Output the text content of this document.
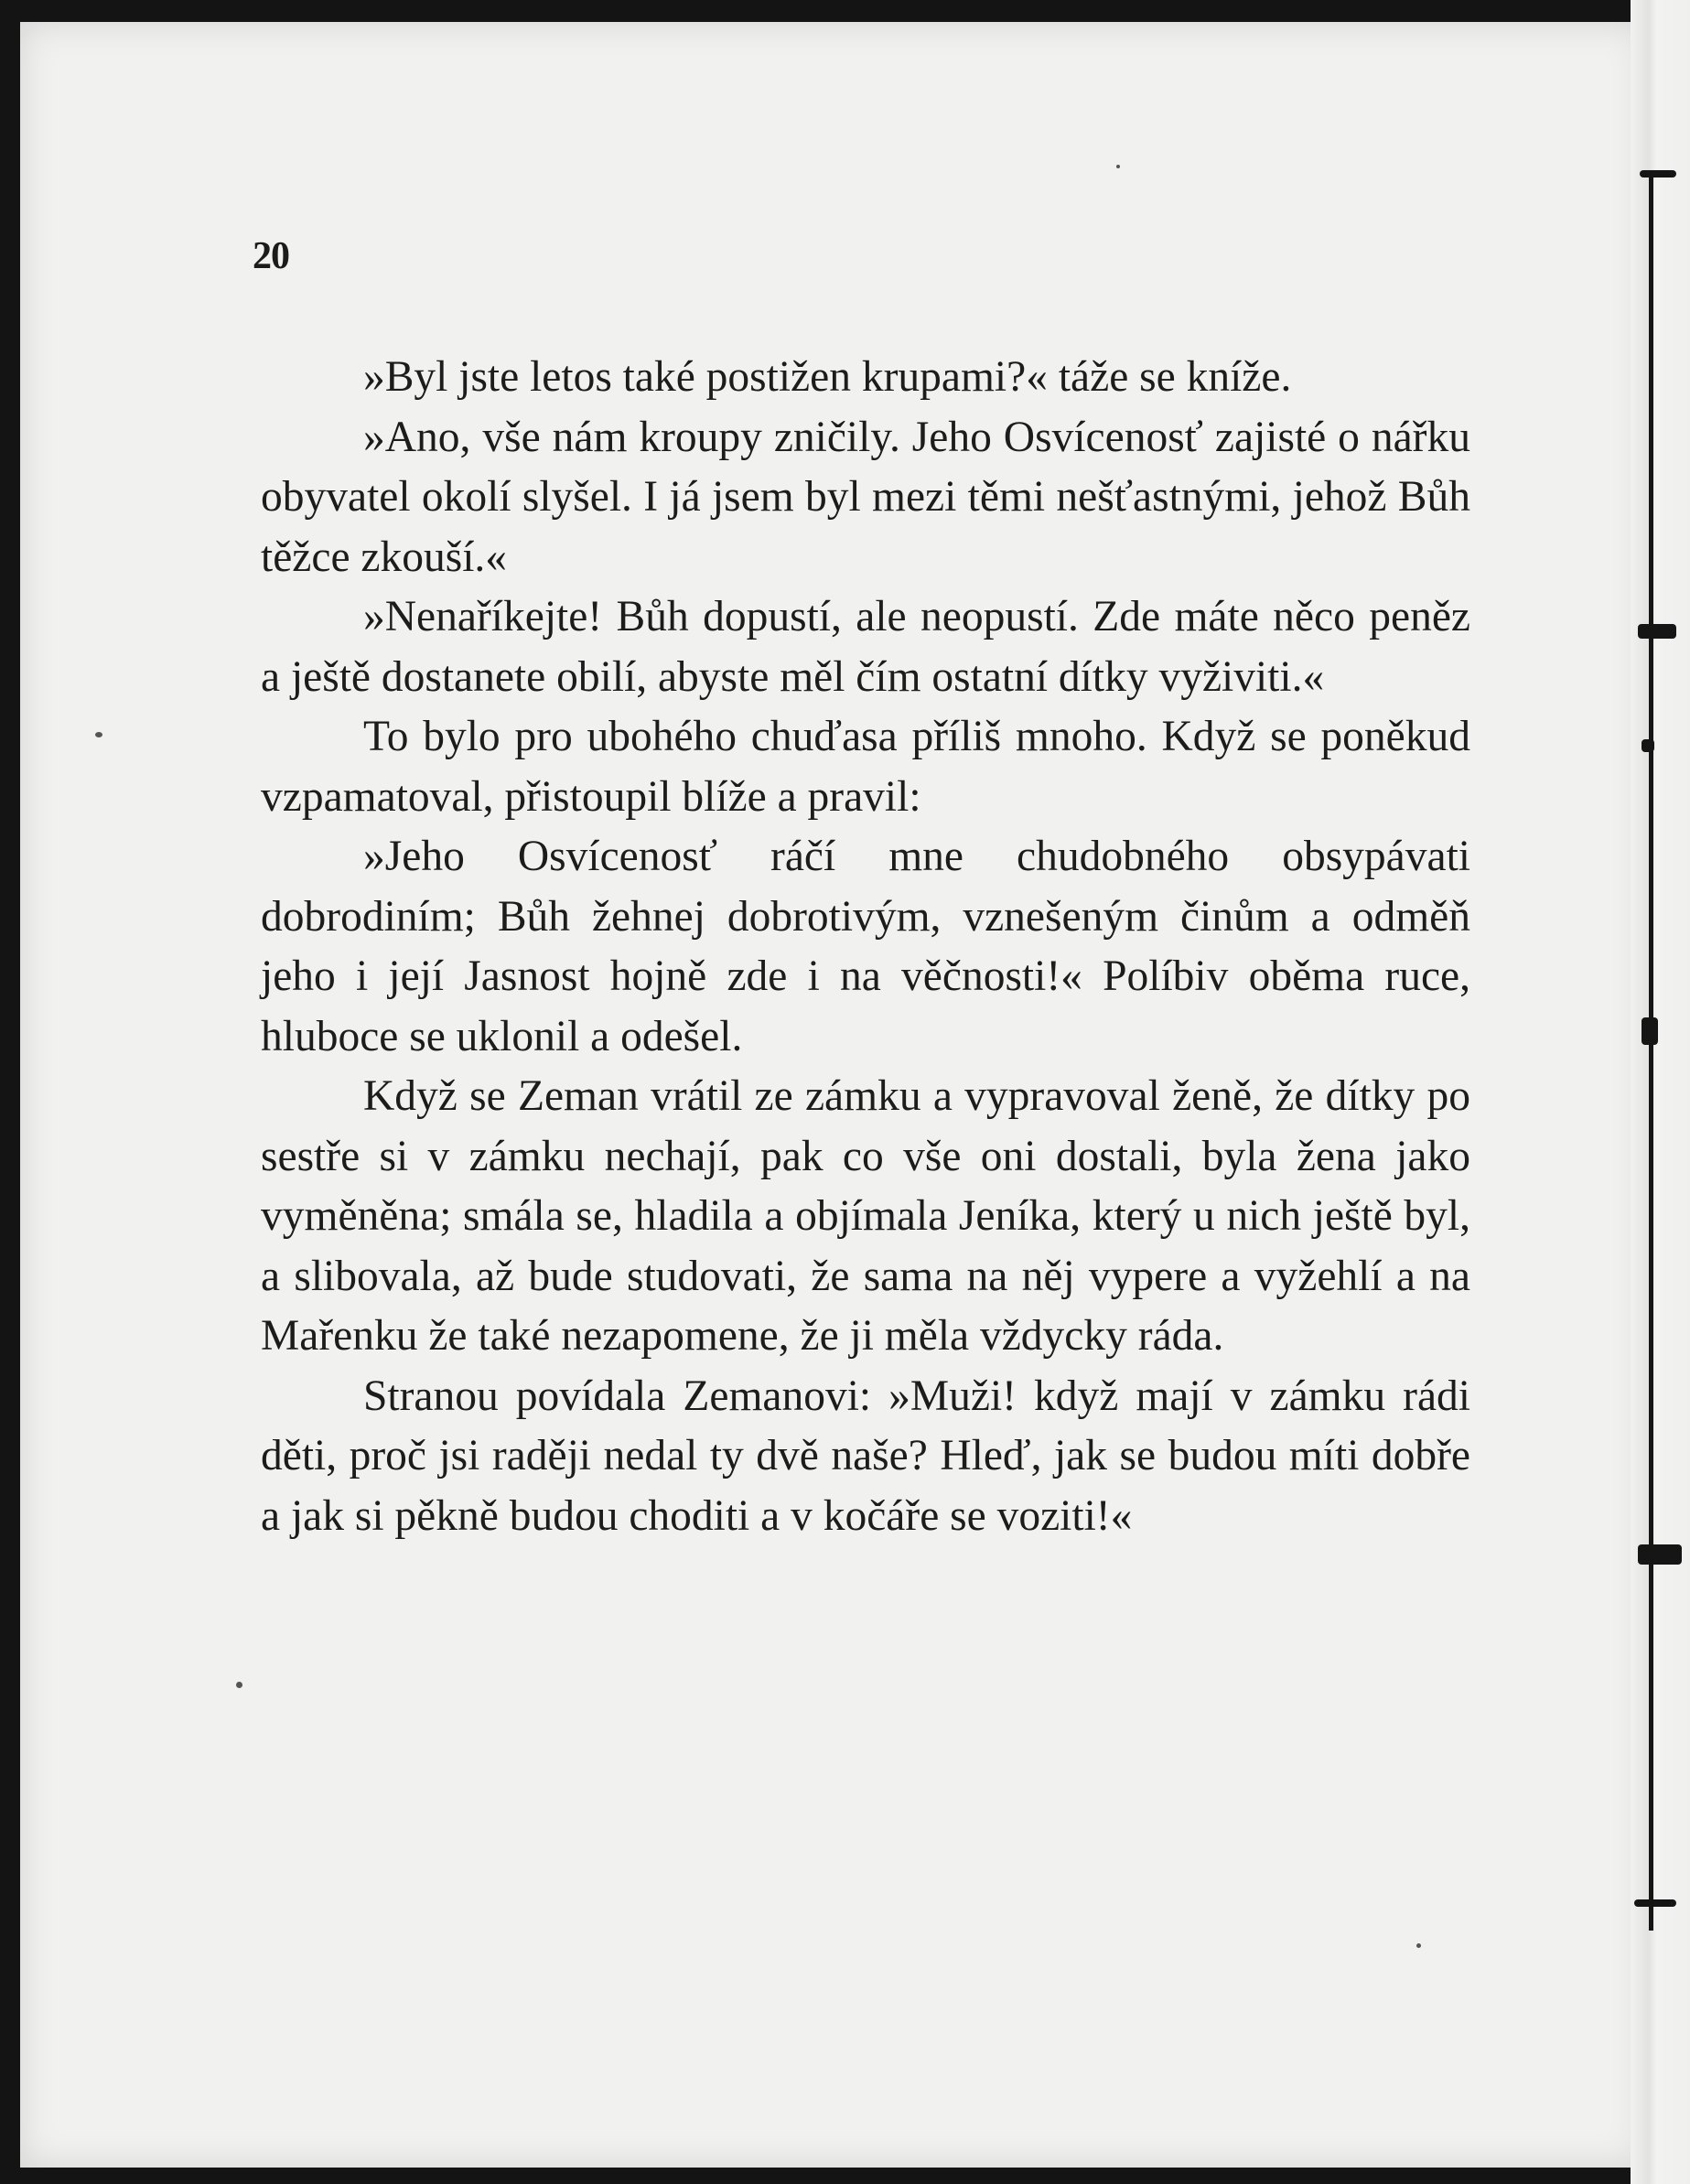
20

»Byl jste letos také postižen krupami?« táže se kníže.

»Ano, vše nám kroupy zničily. Jeho Osvícenosť zajisté o nářku obyvatel okolí slyšel. I já jsem byl mezi těmi nešťastnými, jehož Bůh těžce zkouší.«

»Nenaříkejte! Bůh dopustí, ale neopustí. Zde máte něco peněz a ještě dostanete obilí, abyste měl čím ostatní dítky vyživiti.«

To bylo pro ubohého chuďasa příliš mnoho. Když se poněkud vzpamatoval, přistoupil blíže a pravil:

»Jeho Osvícenosť ráčí mne chudobného obsypávati dobrodiním; Bůh žehnej dobrotivým, vznešeným činům a odměň jeho i její Jasnost hojně zde i na věčnosti!« Políbiv oběma ruce, hluboce se uklonil a odešel.

Když se Zeman vrátil ze zámku a vypravoval ženě, že dítky po sestře si v zámku nechají, pak co vše oni dostali, byla žena jako vyměněna; smála se, hladila a objímala Jeníka, který u nich ještě byl, a slibovala, až bude studovati, že sama na něj vypere a vyžehlí a na Mařenku že také nezapomene, že ji měla vždycky ráda.

Stranou povídala Zemanovi: »Muži! když mají v zámku rádi děti, proč jsi raději nedal ty dvě naše? Hleď, jak se budou míti dobře a jak si pěkně budou choditi a v kočáře se voziti!«
